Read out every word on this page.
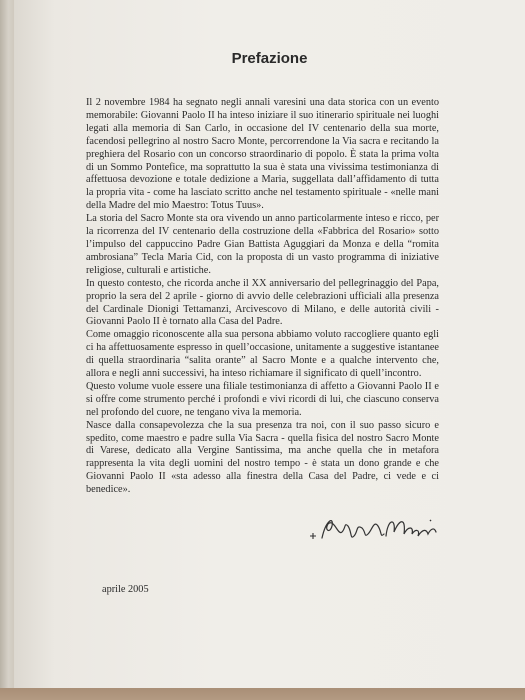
Prefazione

Il 2 novembre 1984 ha segnato negli annali varesini una data storica con un evento memorabile: Giovanni Paolo II ha inteso iniziare il suo itinerario spirituale nei luoghi legati alla memoria di San Carlo, in occasione del IV centenario della sua morte, facendosi pellegrino al nostro Sacro Monte, percorrendone la Via sacra e recitando la preghiera del Rosario con un concorso straordinario di popolo. È stata la prima volta di un Sommo Pontefice, ma soprattutto la sua è stata una vivissima testimonianza di affettuosa devozione e totale dedizione a Maria, suggellata dall’affidamento di tutta la propria vita - come ha lasciato scritto anche nel testamento spirituale - «nelle mani della Madre del mio Maestro: Totus Tuus».

La storia del Sacro Monte sta ora vivendo un anno particolarmente inteso e ricco, per la ricorrenza del IV centenario della costruzione della «Fabbrica del Rosario» sotto l’impulso del cappuccino Padre Gian Battista Aguggiari da Monza e della “romita ambrosiana” Tecla Maria Cid, con la proposta di un vasto programma di iniziative religiose, culturali e artistiche.

In questo contesto, che ricorda anche il XX anniversario del pellegrinaggio del Papa, proprio la sera del 2 aprile - giorno di avvio delle celebrazioni ufficiali alla presenza del Cardinale Dionigi Tettamanzi, Arcivescovo di Milano, e delle autorità civili - Giovanni Paolo II è tornato alla Casa del Padre.

Come omaggio riconoscente alla sua persona abbiamo voluto raccogliere quanto egli ci ha affettuosamente espresso in quell’occasione, unitamente a suggestive istantanee di quella straordinaria “salita orante” al Sacro Monte e a qualche intervento che, allora e negli anni successivi, ha inteso richiamare il significato di quell’incontro.

Questo volume vuole essere una filiale testimonianza di affetto a Giovanni Paolo II e si offre come strumento perché i profondi e vivi ricordi di lui, che ciascuno conserva nel profondo del cuore, ne tengano viva la memoria.

Nasce dalla consapevolezza che la sua presenza tra noi, con il suo passo sicuro e spedito, come maestro e padre sulla Via Sacra - quella fisica del nostro Sacro Monte di Varese, dedicato alla Vergine Santissima, ma anche quella che in metafora rappresenta la vita degli uomini del nostro tempo - è stata un dono grande e che Giovanni Paolo II «sta adesso alla finestra della Casa del Padre, ci vede e ci benedice».

aprile 2005
